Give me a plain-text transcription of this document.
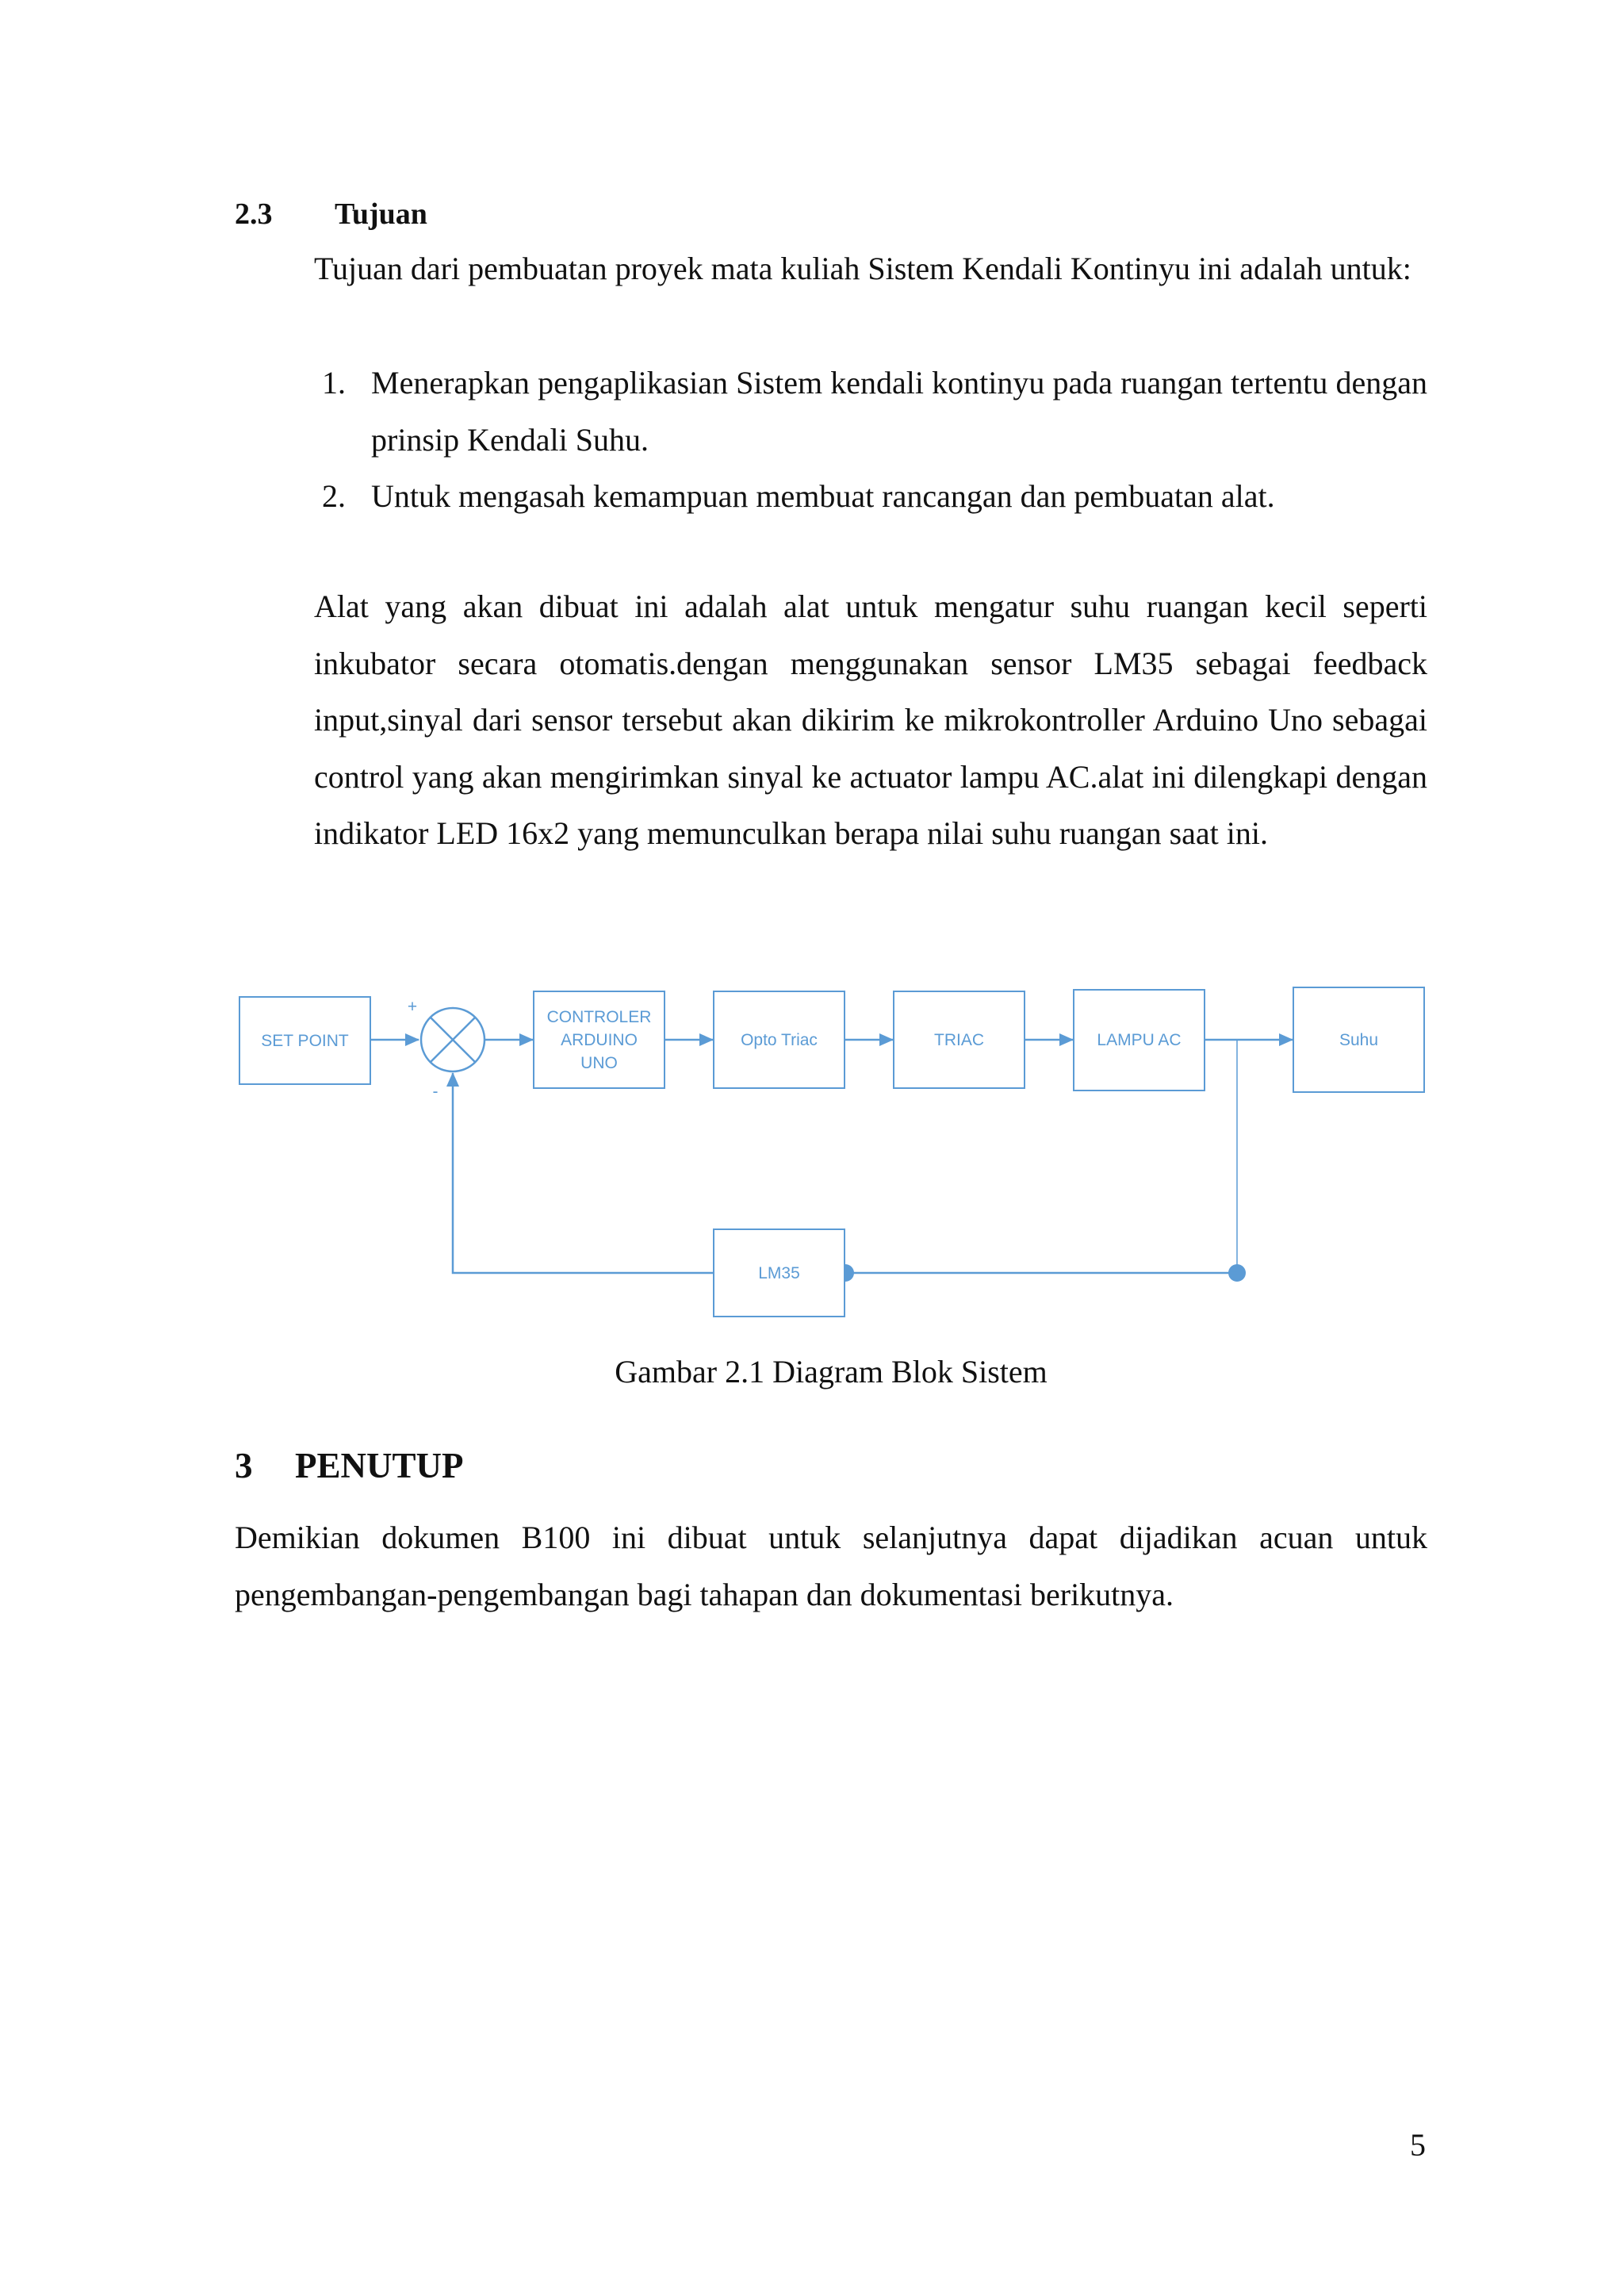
2.3 Tujuan

Tujuan dari pembuatan proyek mata kuliah Sistem Kendali Kontinyu ini adalah untuk:

1. Menerapkan pengaplikasian Sistem kendali kontinyu pada ruangan tertentu dengan prinsip Kendali Suhu.
2. Untuk mengasah kemampuan membuat rancangan dan pembuatan alat.

Alat yang akan dibuat ini adalah alat untuk mengatur suhu ruangan kecil seperti inkubator secara otomatis.dengan menggunakan sensor LM35 sebagai feedback input,sinyal dari sensor tersebut akan dikirim ke mikrokontroller Arduino Uno sebagai control yang akan mengirimkan sinyal ke actuator lampu AC.alat ini dilengkapi dengan indikator LED 16x2 yang memunculkan berapa nilai suhu ruangan saat ini.

SET POINT
+
-
CONTROLER
ARDUINO
UNO
Opto Triac	TRIAC	LAMPU AC	Suhu
LM35
Gambar 2.1 Diagram Blok Sistem
3 PENUTUP

Demikian dokumen B100 ini dibuat untuk selanjutnya dapat dijadikan acuan untuk pengembangan-pengembangan bagi tahapan dan dokumentasi berikutnya.

5
